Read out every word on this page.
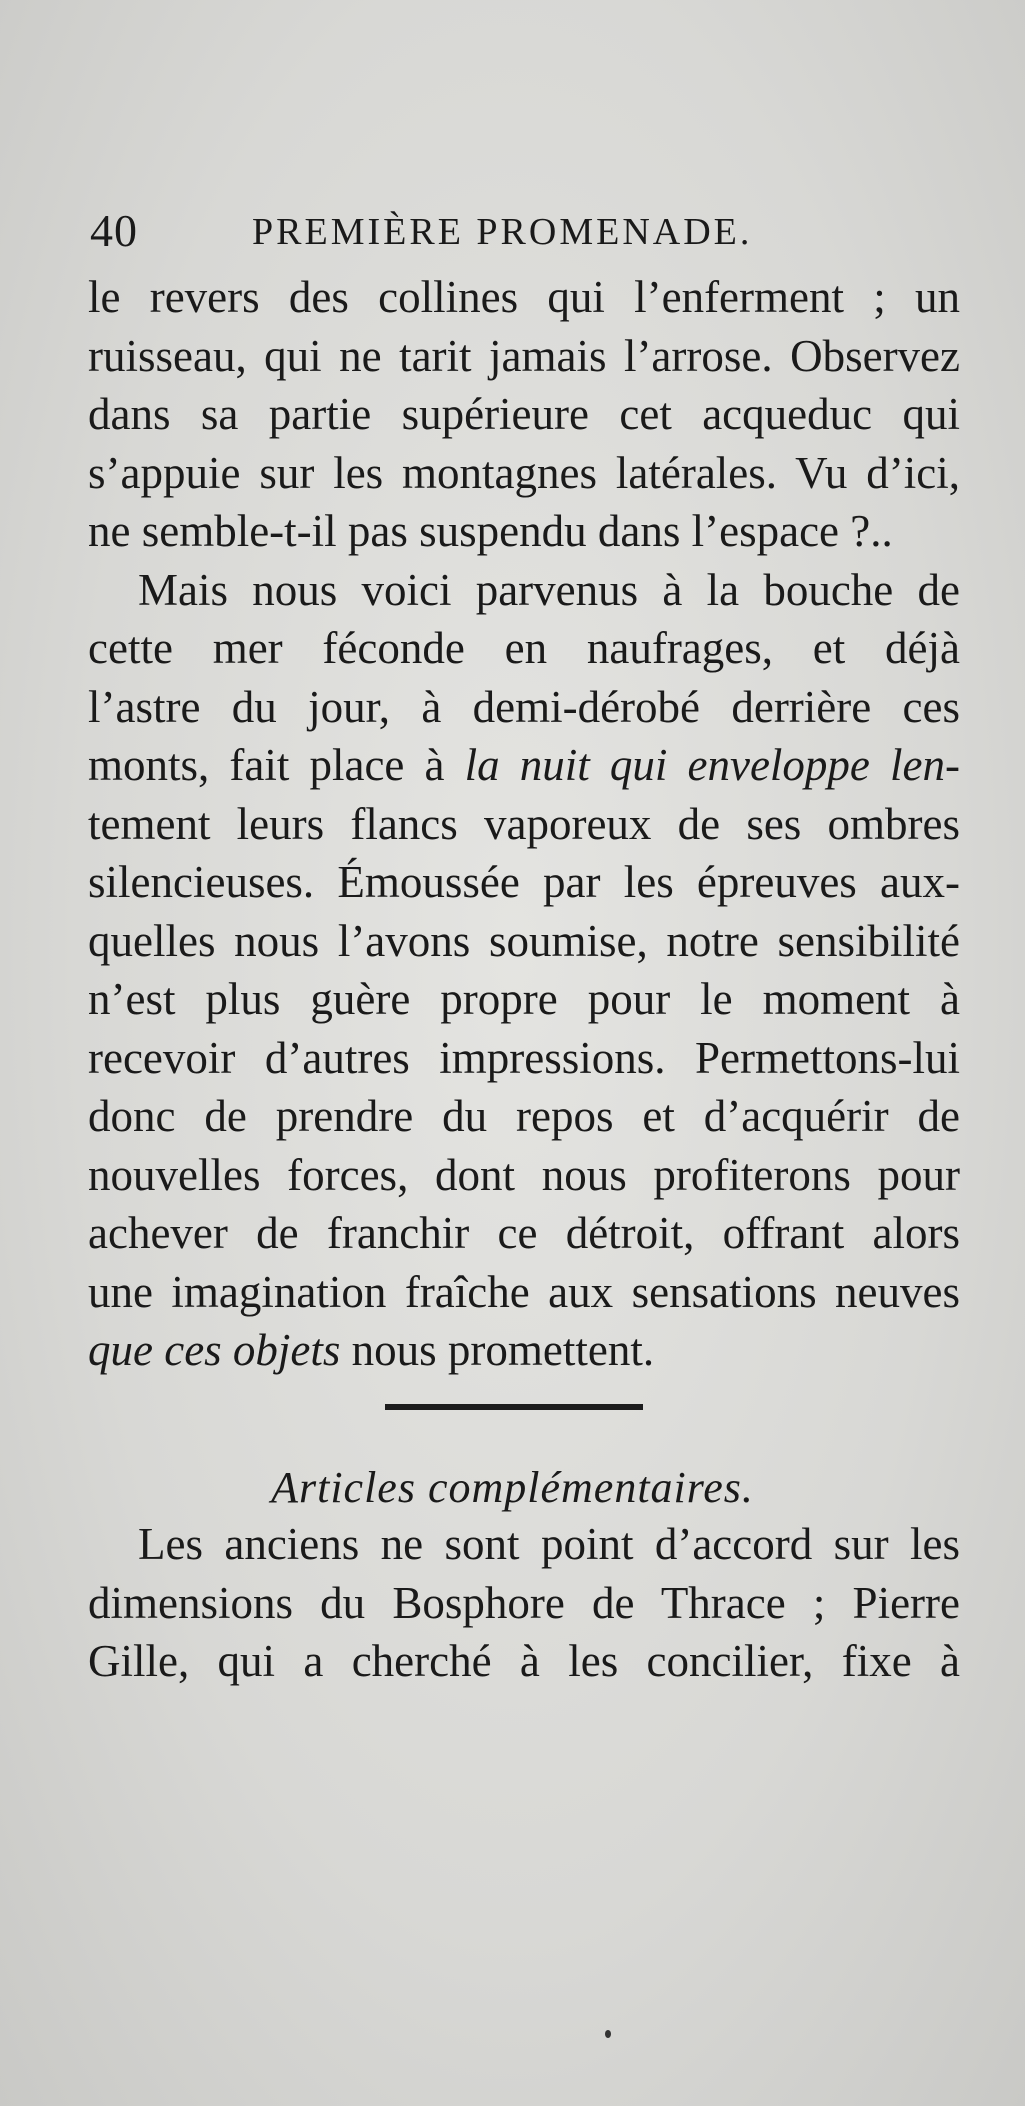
40	PREMIÈRE PROMENADE.
le revers des collines qui l’enferment ; un
ruisseau, qui ne tarit jamais l’arrose. Observez
dans sa partie supérieure cet acqueduc qui
s’appuie sur les montagnes latérales. Vu d’ici,
ne semble-t-il pas suspendu dans l’espace ?..
Mais nous voici parvenus à la bouche de
cette mer féconde en naufrages, et déjà
l’astre du jour, à demi-dérobé derrière ces
monts, fait place à la nuit qui enveloppe len-
tement leurs flancs vaporeux de ses ombres
silencieuses. Émoussée par les épreuves aux-
quelles nous l’avons soumise, notre sensibilité
n’est plus guère propre pour le moment à
recevoir d’autres impressions. Permettons-lui
donc de prendre du repos et d’acquérir de
nouvelles forces, dont nous profiterons pour
achever de franchir ce détroit, offrant alors
une imagination fraîche aux sensations neuves
que ces objets nous promettent.
Articles complémentaires.
Les anciens ne sont point d’accord sur les
dimensions du Bosphore de Thrace ; Pierre
Gille, qui a cherché à les concilier, fixe à
